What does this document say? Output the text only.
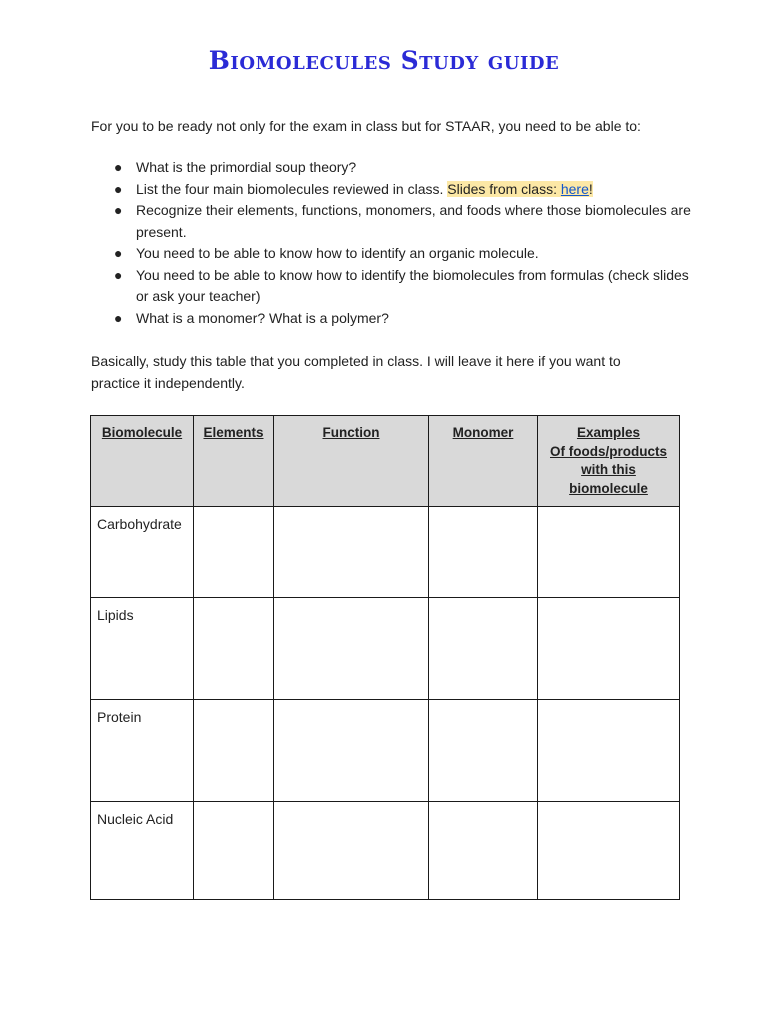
Biomolecules Study guide

For you to be ready not only for the exam in class but for STAAR, you need to be able to:

● What is the primordial soup theory?
● List the four main biomolecules reviewed in class. Slides from class: here!
● Recognize their elements, functions, monomers, and foods where those biomolecules are present.
● You need to be able to know how to identify an organic molecule.
● You need to be able to know how to identify the biomolecules from formulas (check slides or ask your teacher)
● What is a monomer? What is a polymer?

Basically, study this table that you completed in class. I will leave it here if you want to practice it independently.

Biomolecule	Elements	Function	Monomer	Examples
Of foods/products
with this
biomolecule

Carbohydrate				
Lipids				
Protein				
Nucleic Acid				
